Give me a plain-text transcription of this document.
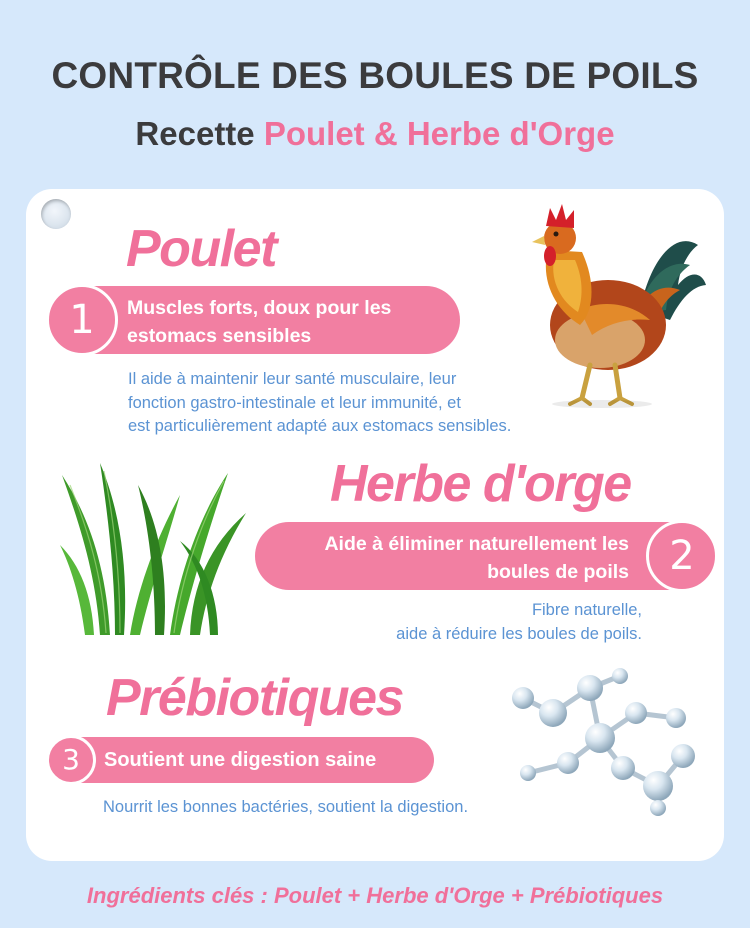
CONTRÔLE DES BOULES DE POILS
Recette Poulet & Herbe d'Orge
Poulet
Muscles forts, doux pour les
estomacs sensibles
1
Il aide à maintenir leur santé musculaire, leur
fonction gastro-intestinale et leur immunité, et
est particulièrement adapté aux estomacs sensibles.
Herbe d'orge
Aide à éliminer naturellement les
boules de poils	2
Fibre naturelle,
aide à réduire les boules de poils.
Prébiotiques
Soutient une digestion saine
3
Nourrit les bonnes bactéries, soutient la digestion.
Ingrédients clés : Poulet + Herbe d'Orge + Prébiotiques
